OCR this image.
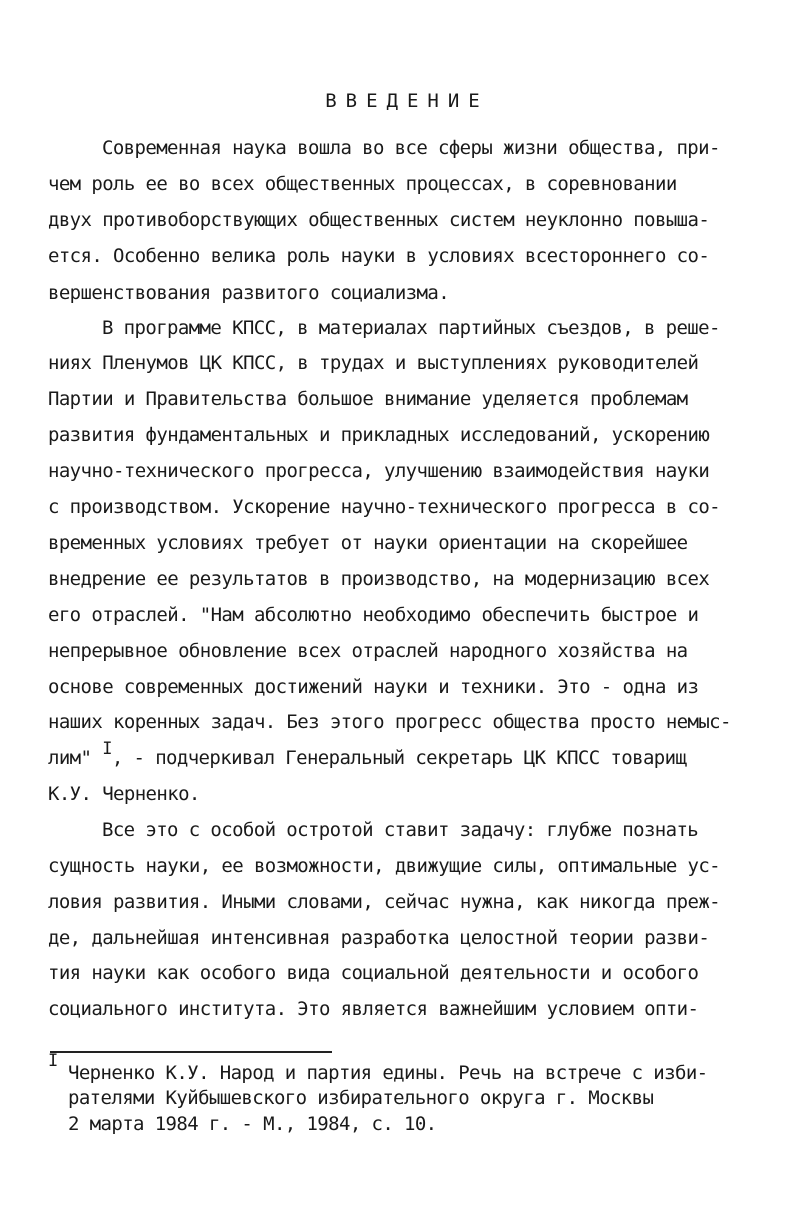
ВВЕДЕНИЕ
Современная наука вошла во все сферы жизни общества, при-
чем роль ее во всех общественных процессах, в соревновании
двух противоборствующих общественных систем неуклонно повыша-
ется. Особенно велика роль науки в условиях всестороннего со-
вершенствования развитого социализма.
В программе КПСС, в материалах партийных съездов, в реше-
ниях Пленумов ЦК КПСС, в трудах и выступлениях руководителей
Партии и Правительства большое внимание уделяется проблемам
развития фундаментальных и прикладных исследований, ускорению
научно-технического прогресса, улучшению взаимодействия науки
с производством. Ускорение научно-технического прогресса в со-
временных условиях требует от науки ориентации на скорейшее
внедрение ее результатов в производство, на модернизацию всех
его отраслей. "Нам абсолютно необходимо обеспечить быстрое и
непрерывное обновление всех отраслей народного хозяйства на
основе современных достижений науки и техники. Это - одна из
наших коренных задач. Без этого прогресс общества просто немыс-
лим" I, - подчеркивал Генеральный секретарь ЦК КПСС товарищ
К.У. Черненко.
Все это с особой остротой ставит задачу: глубже познать
сущность науки, ее возможности, движущие силы, оптимальные ус-
ловия развития. Иными словами, сейчас нужна, как никогда преж-
де, дальнейшая интенсивная разработка целостной теории разви-
тия науки как особого вида социальной деятельности и особого
социального института. Это является важнейшим условием опти-
I
Черненко К.У. Народ и партия едины. Речь на встрече с изби-
рателями Куйбышевского избирательного округа г. Москвы
2 марта 1984 г. - М., 1984, с. 10.
